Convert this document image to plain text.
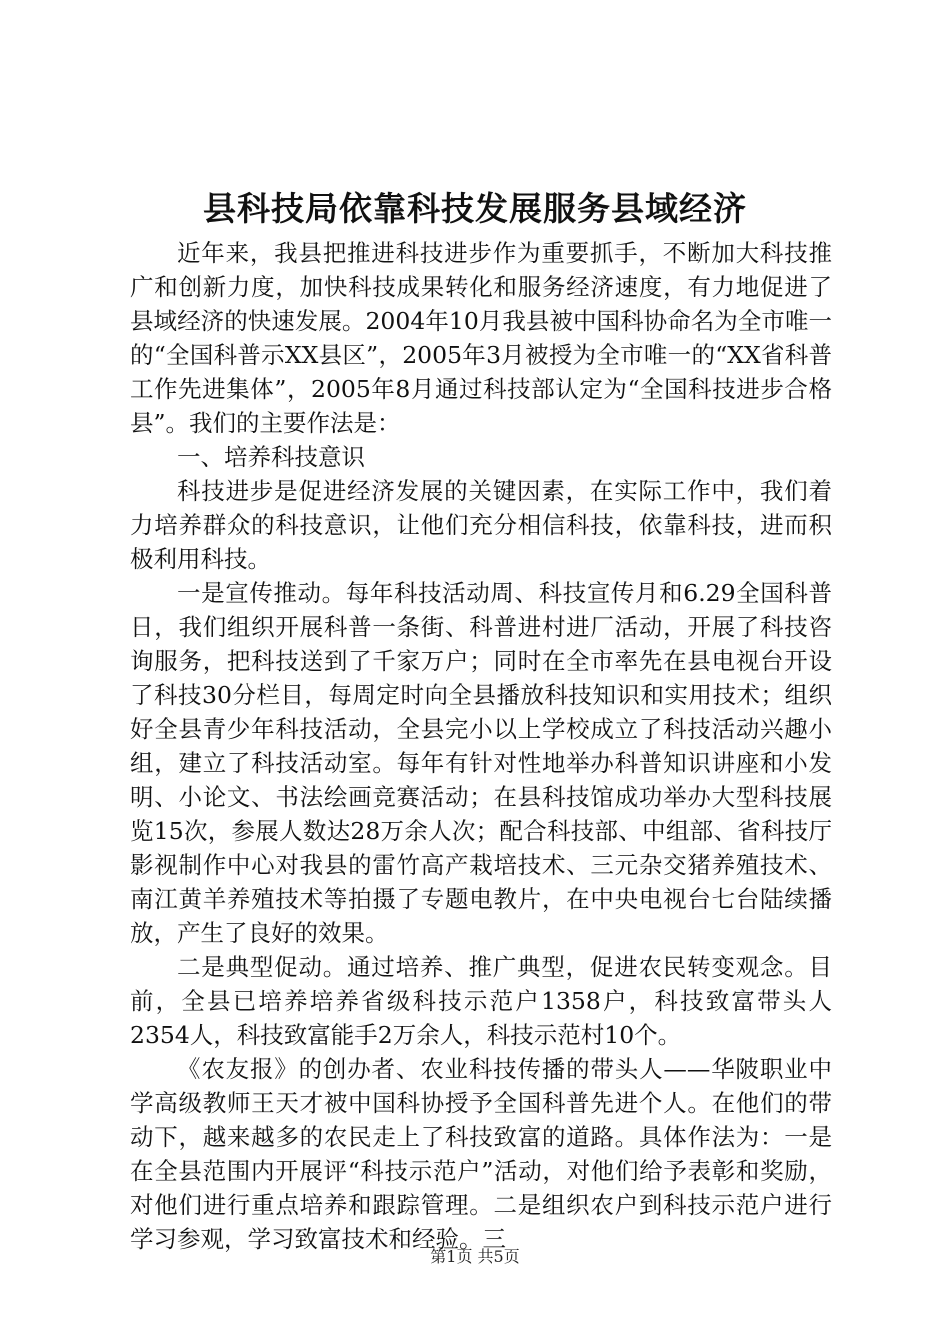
县科技局依靠科技发展服务县域经济

近年来，我县把推进科技进步作为重要抓手，不断加大科技推广和创新力度，加快科技成果转化和服务经济速度，有力地促进了县域经济的快速发展。2004年10月我县被中国科协命名为全市唯一的“全国科普示XX县区”，2005年3月被授为全市唯一的“XX省科普工作先进集体”，2005年8月通过科技部认定为“全国科技进步合格县”。我们的主要作法是：

一、培养科技意识

科技进步是促进经济发展的关键因素，在实际工作中，我们着力培养群众的科技意识，让他们充分相信科技，依靠科技，进而积极利用科技。

一是宣传推动。每年科技活动周、科技宣传月和6.29全国科普日，我们组织开展科普一条街、科普进村进厂活动，开展了科技咨询服务，把科技送到了千家万户；同时在全市率先在县电视台开设了科技30分栏目，每周定时向全县播放科技知识和实用技术；组织好全县青少年科技活动，全县完小以上学校成立了科技活动兴趣小组，建立了科技活动室。每年有针对性地举办科普知识讲座和小发明、小论文、书法绘画竞赛活动；在县科技馆成功举办大型科技展览15次，参展人数达28万余人次；配合科技部、中组部、省科技厅影视制作中心对我县的雷竹高产栽培技术、三元杂交猪养殖技术、南江黄羊养殖技术等拍摄了专题电教片，在中央电视台七台陆续播放，产生了良好的效果。

二是典型促动。通过培养、推广典型，促进农民转变观念。目前，全县已培养培养省级科技示范户1358户，科技致富带头人2354人，科技致富能手2万余人，科技示范村10个。

《农友报》的创办者、农业科技传播的带头人——华陂职业中学高级教师王天才被中国科协授予全国科普先进个人。在他们的带动下，越来越多的农民走上了科技致富的道路。具体作法为：一是在全县范围内开展评“科技示范户”活动，对他们给予表彰和奖励，对他们进行重点培养和跟踪管理。二是组织农户到科技示范户进行学习参观，学习致富技术和经验。三

第1页 共5页
